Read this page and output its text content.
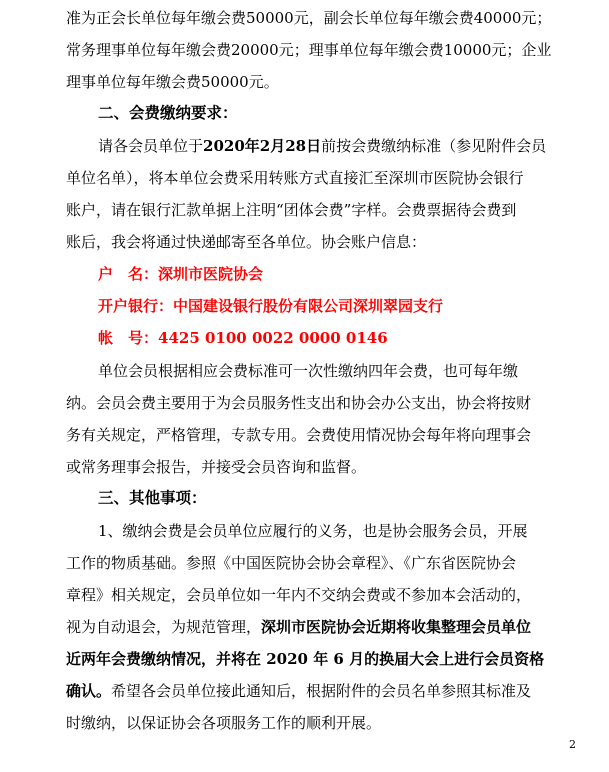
准为正会长单位每年缴会费50000元，副会长单位每年缴会费40000元；
常务理事单位每年缴会费20000元；理事单位每年缴会费10000元；企业
理事单位每年缴会费50000元。
二、会费缴纳要求：
请各会员单位于2020年2月28日前按会费缴纳标准（参见附件会员
单位名单），将本单位会费采用转账方式直接汇至深圳市医院协会银行
账户，请在银行汇款单据上注明“团体会费”字样。会费票据待会费到
账后，我会将通过快递邮寄至各单位。协会账户信息：
户　名：深圳市医院协会
开户银行：中国建设银行股份有限公司深圳翠园支行
帐　号：4425 0100 0022 0000 0146
单位会员根据相应会费标准可一次性缴纳四年会费，也可每年缴
纳。会员会费主要用于为会员服务性支出和协会办公支出，协会将按财
务有关规定，严格管理，专款专用。会费使用情况协会每年将向理事会
或常务理事会报告，并接受会员咨询和监督。
三、其他事项：
1、缴纳会费是会员单位应履行的义务，也是协会服务会员，开展
工作的物质基础。参照《中国医院协会协会章程》、《广东省医院协会
章程》相关规定，会员单位如一年内不交纳会费或不参加本会活动的，
视为自动退会，为规范管理，深圳市医院协会近期将收集整理会员单位
近两年会费缴纳情况，并将在 2020 年 6 月的换届大会上进行会员资格
确认。希望各会员单位接此通知后，根据附件的会员名单参照其标准及
时缴纳，以保证协会各项服务工作的顺利开展。
2
